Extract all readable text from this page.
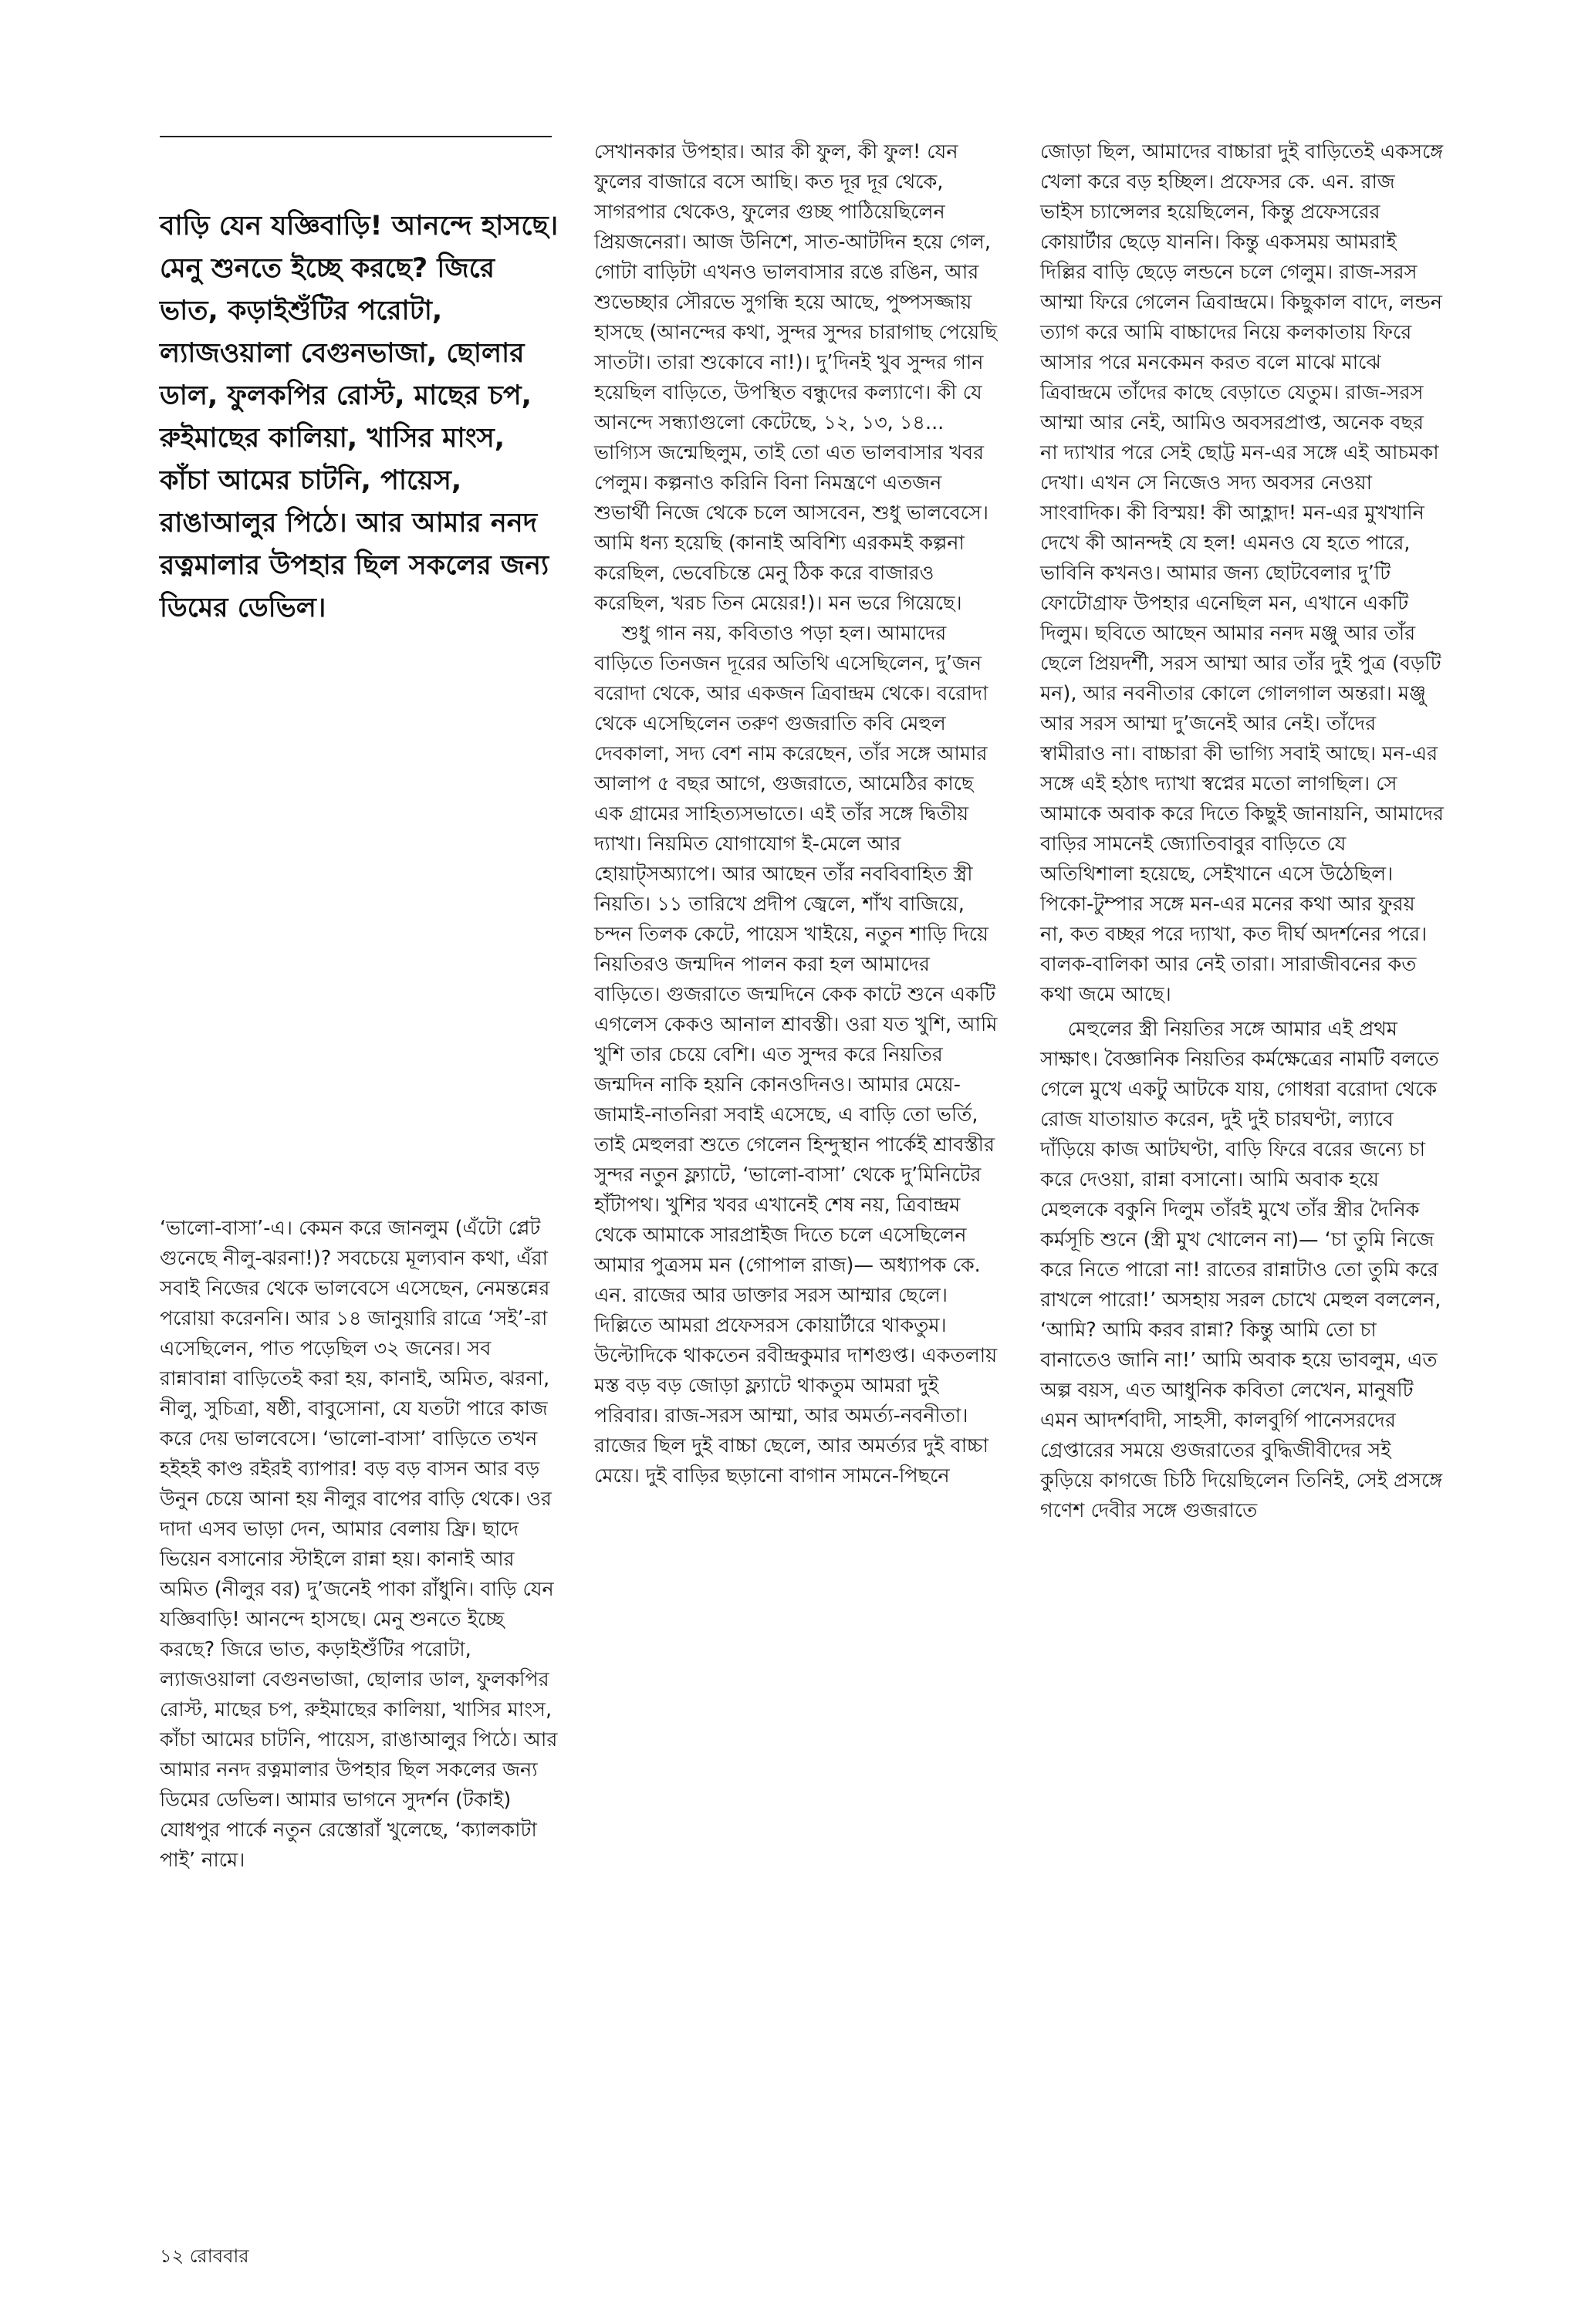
বাড়ি যেন যজ্ঞিবাড়ি! আনন্দে হাসছে। মেনু শুনতে ইচ্ছে করছে? জিরে ভাত, কড়াইশুঁটির পরোটা, ল্যাজওয়ালা বেগুনভাজা, ছোলার ডাল, ফুলকপির রোস্ট, মাছের চপ, রুইমাছের কালিয়া, খাসির মাংস, কাঁচা আমের চাটনি, পায়েস, রাঙাআলুর পিঠে। আর আমার ননদ রত্নমালার উপহার ছিল সকলের জন্য ডিমের ডেভিল।

‘ভালো-বাসা’-এ। কেমন করে জানলুম (এঁটো প্লেট গুনেছে নীলু-ঝরনা!)? সবচেয়ে মূল্যবান কথা, এঁরা সবাই নিজের থেকে ভালবেসে এসেছেন, নেমন্তন্নের পরোয়া করেননি। আর ১৪ জানুয়ারি রাত্রে ‘সই’-রা এসেছিলেন, পাত পড়েছিল ৩২ জনের। সব রান্নাবান্না বাড়িতেই করা হয়, কানাই, অমিত, ঝরনা, নীলু, সুচিত্রা, ষষ্ঠী, বাবুসোনা, যে যতটা পারে কাজ করে দেয় ভালবেসে। ‘ভালো-বাসা’ বাড়িতে তখন হইহই কাণ্ড রইরই ব্যাপার! বড় বড় বাসন আর বড় উনুন চেয়ে আনা হয় নীলুর বাপের বাড়ি থেকে। ওর দাদা এসব ভাড়া দেন, আমার বেলায় ফ্রি। ছাদে ভিয়েন বসানোর স্টাইলে রান্না হয়। কানাই আর অমিত (নীলুর বর) দু’জনেই পাকা রাঁধুনি। বাড়ি যেন যজ্ঞিবাড়ি! আনন্দে হাসছে। মেনু শুনতে ইচ্ছে করছে? জিরে ভাত, কড়াইশুঁটির পরোটা, ল্যাজওয়ালা বেগুনভাজা, ছোলার ডাল, ফুলকপির রোস্ট, মাছের চপ, রুইমাছের কালিয়া, খাসির মাংস, কাঁচা আমের চাটনি, পায়েস, রাঙাআলুর পিঠে। আর আমার ননদ রত্নমালার উপহার ছিল সকলের জন্য ডিমের ডেভিল। আমার ভাগনে সুদর্শন (টকাই) যোধপুর পার্কে নতুন রেস্তোরাঁ খুলেছে, ‘ক্যালকাটা পাই’ নামে।

সেখানকার উপহার। আর কী ফুল, কী ফুল! যেন ফুলের বাজারে বসে আছি। কত দূর দূর থেকে, সাগরপার থেকেও, ফুলের গুচ্ছ পাঠিয়েছিলেন প্রিয়জনেরা। আজ উনিশে, সাত-আটদিন হয়ে গেল, গোটা বাড়িটা এখনও ভালবাসার রঙে রঙিন, আর শুভেচ্ছার সৌরভে সুগন্ধি হয়ে আছে, পুষ্পসজ্জায় হাসছে (আনন্দের কথা, সুন্দর সুন্দর চারাগাছ পেয়েছি সাতটা। তারা শুকোবে না!)। দু’দিনই খুব সুন্দর গান হয়েছিল বাড়িতে, উপস্থিত বন্ধুদের কল্যাণে। কী যে আনন্দে সন্ধ্যাগুলো কেটেছে, ১২, ১৩, ১৪... ভাগ্যিস জন্মেছিলুম, তাই তো এত ভালবাসার খবর পেলুম। কল্পনাও করিনি বিনা নিমন্ত্রণে এতজন শুভার্থী নিজে থেকে চলে আসবেন, শুধু ভালবেসে। আমি ধন্য হয়েছি (কানাই অবিশ্যি এরকমই কল্পনা করেছিল, ভেবেচিন্তে মেনু ঠিক করে বাজারও করেছিল, খরচ তিন মেয়ের!)। মন ভরে গিয়েছে।

শুধু গান নয়, কবিতাও পড়া হল। আমাদের বাড়িতে তিনজন দূরের অতিথি এসেছিলেন, দু’জন বরোদা থেকে, আর একজন ত্রিবান্দ্রম থেকে। বরোদা থেকে এসেছিলেন তরুণ গুজরাতি কবি মেহুল দেবকালা, সদ্য বেশ নাম করেছেন, তাঁর সঙ্গে আমার আলাপ ৫ বছর আগে, গুজরাতে, আমেঠির কাছে এক গ্রামের সাহিত্যসভাতে। এই তাঁর সঙ্গে দ্বিতীয় দ্যাখা। নিয়মিত যোগাযোগ ই-মেলে আর হোয়াট্‌সঅ্যাপে। আর আছেন তাঁর নববিবাহিত স্ত্রী নিয়তি। ১১ তারিখে প্রদীপ জ্বেলে, শাঁখ বাজিয়ে, চন্দন তিলক কেটে, পায়েস খাইয়ে, নতুন শাড়ি দিয়ে নিয়তিরও জন্মদিন পালন করা হল আমাদের বাড়িতে। গুজরাতে জন্মদিনে কেক কাটে শুনে একটি এগলেস কেকও আনাল শ্রাবস্তী। ওরা যত খুশি, আমি খুশি তার চেয়ে বেশি। এত সুন্দর করে নিয়তির জন্মদিন নাকি হয়নি কোনওদিনও। আমার মেয়ে-জামাই-নাতনিরা সবাই এসেছে, এ বাড়ি তো ভর্তি, তাই মেহুলরা শুতে গেলেন হিন্দুস্থান পার্কেই শ্রাবস্তীর সুন্দর নতুন ফ্ল্যাটে, ‘ভালো-বাসা’ থেকে দু’মিনিটের হাঁটাপথ। খুশির খবর এখানেই শেষ নয়, ত্রিবান্দ্রম থেকে আমাকে সারপ্রাইজ দিতে চলে এসেছিলেন আমার পুত্রসম মন (গোপাল রাজ)— অধ্যাপক কে. এন. রাজের আর ডাক্তার সরস আম্মার ছেলে। দিল্লিতে আমরা প্রফেসরস কোয়ার্টারে থাকতুম। উল্টোদিকে থাকতেন রবীন্দ্রকুমার দাশগুপ্ত। একতলায় মস্ত বড় বড় জোড়া ফ্ল্যাটে থাকতুম আমরা দুই পরিবার। রাজ-সরস আম্মা, আর অমর্ত্য-নবনীতা। রাজের ছিল দুই বাচ্চা ছেলে, আর অমর্ত্যর দুই বাচ্চা মেয়ে। দুই বাড়ির ছড়ানো বাগান সামনে-পিছনে

জোড়া ছিল, আমাদের বাচ্চারা দুই বাড়িতেই একসঙ্গে খেলা করে বড় হচ্ছিল। প্রফেসর কে. এন. রাজ ভাইস চ্যান্সেলর হয়েছিলেন, কিন্তু প্রফেসরের কোয়ার্টার ছেড়ে যাননি। কিন্তু একসময় আমরাই দিল্লির বাড়ি ছেড়ে লন্ডনে চলে গেলুম। রাজ-সরস আম্মা ফিরে গেলেন ত্রিবান্দ্রমে। কিছুকাল বাদে, লন্ডন ত্যাগ করে আমি বাচ্চাদের নিয়ে কলকাতায় ফিরে আসার পরে মনকেমন করত বলে মাঝে মাঝে ত্রিবান্দ্রমে তাঁদের কাছে বেড়াতে যেতুম। রাজ-সরস আম্মা আর নেই, আমিও অবসরপ্রাপ্ত, অনেক বছর না দ্যাখার পরে সেই ছোট্ট মন-এর সঙ্গে এই আচমকা দেখা। এখন সে নিজেও সদ্য অবসর নেওয়া সাংবাদিক। কী বিস্ময়! কী আহ্লাদ! মন-এর মুখখানি দেখে কী আনন্দই যে হল! এমনও যে হতে পারে, ভাবিনি কখনও। আমার জন্য ছোটবেলার দু’টি ফোটোগ্রাফ উপহার এনেছিল মন, এখানে একটি দিলুম। ছবিতে আছেন আমার ননদ মঞ্জু আর তাঁর ছেলে প্রিয়দর্শী, সরস আম্মা আর তাঁর দুই পুত্র (বড়টি মন), আর নবনীতার কোলে গোলগাল অন্তরা। মঞ্জু আর সরস আম্মা দু’জনেই আর নেই। তাঁদের স্বামীরাও না। বাচ্চারা কী ভাগ্যি সবাই আছে। মন-এর সঙ্গে এই হঠাৎ দ্যাখা স্বপ্নের মতো লাগছিল। সে আমাকে অবাক করে দিতে কিছুই জানায়নি, আমাদের বাড়ির সামনেই জ্যোতিবাবুর বাড়িতে যে অতিথিশালা হয়েছে, সেইখানে এসে উঠেছিল। পিকো-টুম্পার সঙ্গে মন-এর মনের কথা আর ফুরয় না, কত বচ্ছর পরে দ্যাখা, কত দীর্ঘ অদর্শনের পরে। বালক-বালিকা আর নেই তারা। সারাজীবনের কত কথা জমে আছে।

মেহুলের স্ত্রী নিয়তির সঙ্গে আমার এই প্রথম সাক্ষাৎ। বৈজ্ঞানিক নিয়তির কর্মক্ষেত্রের নামটি বলতে গেলে মুখে একটু আটকে যায়, গোধরা বরোদা থেকে রোজ যাতায়াত করেন, দুই দুই চারঘণ্টা, ল্যাবে দাঁড়িয়ে কাজ আটঘণ্টা, বাড়ি ফিরে বরের জন্যে চা করে দেওয়া, রান্না বসানো। আমি অবাক হয়ে মেহুলকে বকুনি দিলুম তাঁরই মুখে তাঁর স্ত্রীর দৈনিক কর্মসূচি শুনে (স্ত্রী মুখ খোলেন না)— ‘চা তুমি নিজে করে নিতে পারো না! রাতের রান্নাটাও তো তুমি করে রাখলে পারো!’ অসহায় সরল চোখে মেহুল বললেন, ‘আমি? আমি করব রান্না? কিন্তু আমি তো চা বানাতেও জানি না!’ আমি অবাক হয়ে ভাবলুম, এত অল্প বয়স, এত আধুনিক কবিতা লেখেন, মানুষটি এমন আদর্শবাদী, সাহসী, কালবুর্গি পানেসরদের গ্রেপ্তারের সময়ে গুজরাতের বুদ্ধিজীবীদের সই কুড়িয়ে কাগজে চিঠি দিয়েছিলেন তিনিই, সেই প্রসঙ্গে গণেশ দেবীর সঙ্গে গুজরাতে

১২ রোববার
